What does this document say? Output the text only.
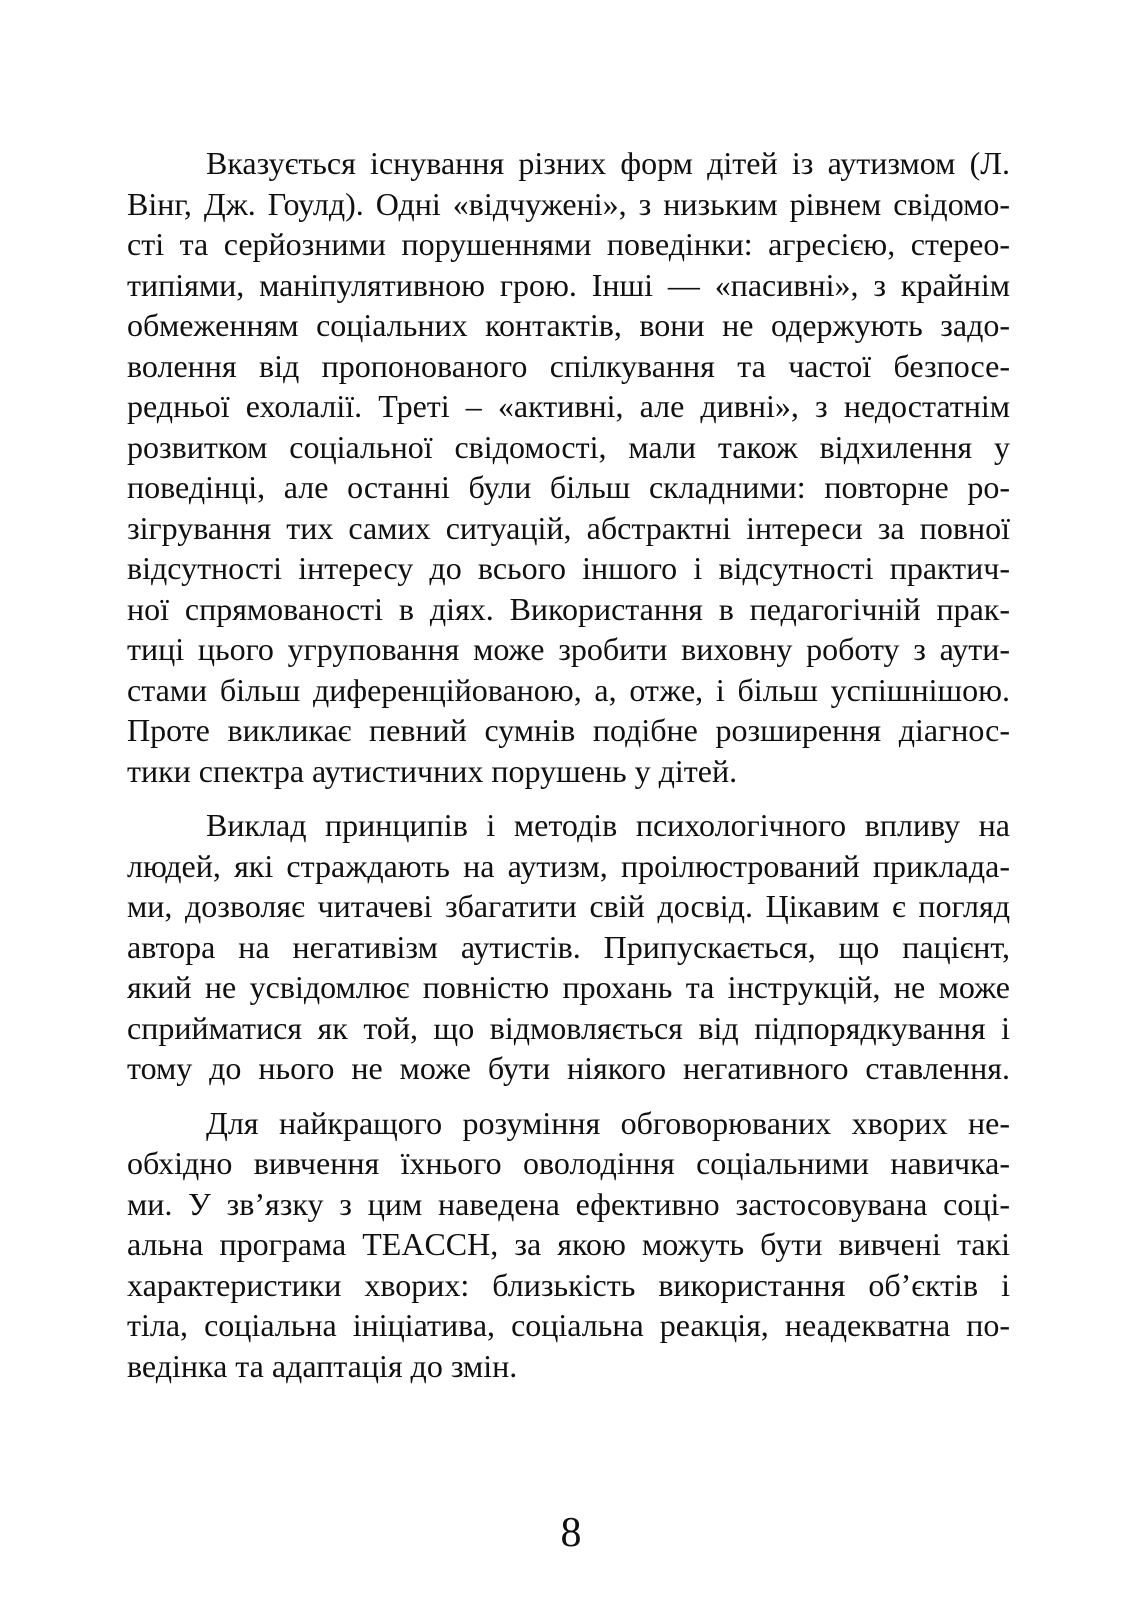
Вказується існування різних форм дітей із аутизмом (Л.
Вінг, Дж. Гоулд). Одні «відчужені», з низьким рівнем свідомо-
сті та серйозними порушеннями поведінки: агресією, стерео-
типіями, маніпулятивною грою. Інші — «пасивні», з крайнім
обмеженням соціальних контактів, вони не одержують задо-
волення від пропонованого спілкування та частої безпосе-
редньої ехолалії. Треті – «активні, але дивні», з недостатнім
розвитком соціальної свідомості, мали також відхилення у
поведінці, але останні були більш складними: повторне ро-
зігрування тих самих ситуацій, абстрактні інтереси за повної
відсутності інтересу до всього іншого і відсутності практич-
ної спрямованості в діях. Використання в педагогічній прак-
тиці цього угруповання може зробити виховну роботу з аути-
стами більш диференційованою, а, отже, і більш успішнішою.
Проте викликає певний сумнів подібне розширення діагнос-
тики спектра аутистичних порушень у дітей.
Виклад принципів і методів психологічного впливу на
людей, які страждають на аутизм, проілюстрований приклада-
ми, дозволяє читачеві збагатити свій досвід. Цікавим є погляд
автора на негативізм аутистів. Припускається, що пацієнт,
який не усвідомлює повністю прохань та інструкцій, не може
сприйматися як той, що відмовляється від підпорядкування і
тому до нього не може бути ніякого негативного ставлення.
Для найкращого розуміння обговорюваних хворих не-
обхідно вивчення їхнього оволодіння соціальними навичка-
ми. У зв’язку з цим наведена ефективно застосовувана соці-
альна програма TEACCH, за якою можуть бути вивчені такі
характеристики хворих: близькість використання об’єктів і
тіла, соціальна ініціатива, соціальна реакція, неадекватна по-
ведінка та адаптація до змін.
8
